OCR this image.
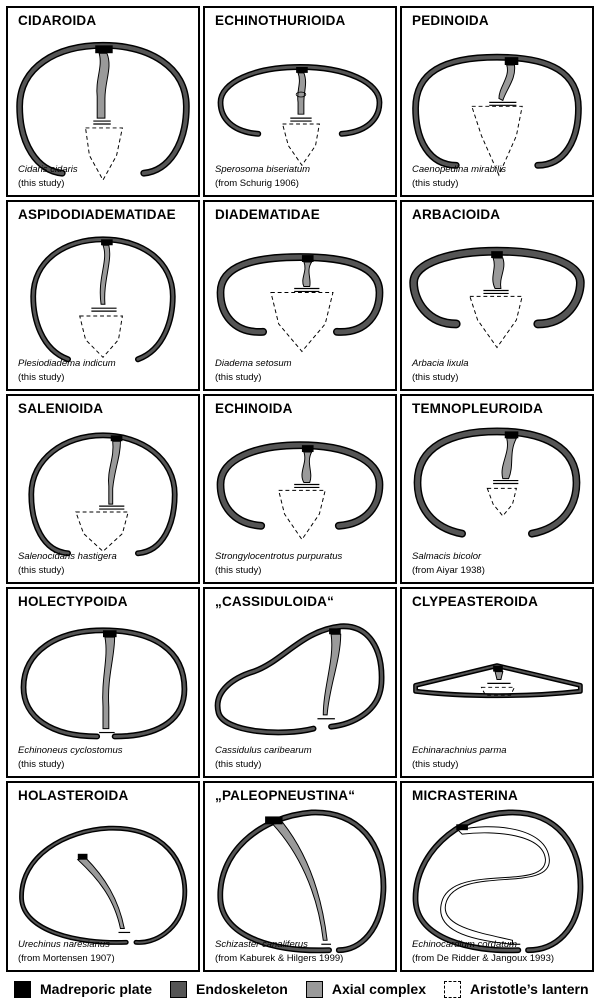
CIDAROIDA
Cidaris cidaris
(this study)
ECHINOTHURIOIDA
Sperosoma biseriatum
(from Schurig 1906)
PEDINOIDA
Caenopedina mirabilis
(this study)
ASPIDODIADEMATIDAE
Plesiodiadema indicum
(this study)
DIADEMATIDAE
Diadema setosum
(this study)
ARBACIOIDA
Arbacia lixula
(this study)
SALENIOIDA
Salenocidaris hastigera
(this study)
ECHINOIDA
Strongylocentrotus purpuratus
(this study)
TEMNOPLEUROIDA
Salmacis bicolor
(from Aiyar 1938)
HOLECTYPOIDA
Echinoneus cyclostomus
(this study)
„CASSIDULOIDA“
Cassidulus caribearum
(this study)
CLYPEASTEROIDA
Echinarachnius parma
(this study)
HOLASTEROIDA
Urechinus naresianus
(from Mortensen 1907)
„PALEOPNEUSTINA“
Schizaster canaliferus
(from Kaburek & Hilgers 1999)
MICRASTERINA
Echinocardium cordatum
(from De Ridder & Jangoux 1993)
Madreporic plate	Endoskeleton	Axial complex	Aristotle’s lantern
